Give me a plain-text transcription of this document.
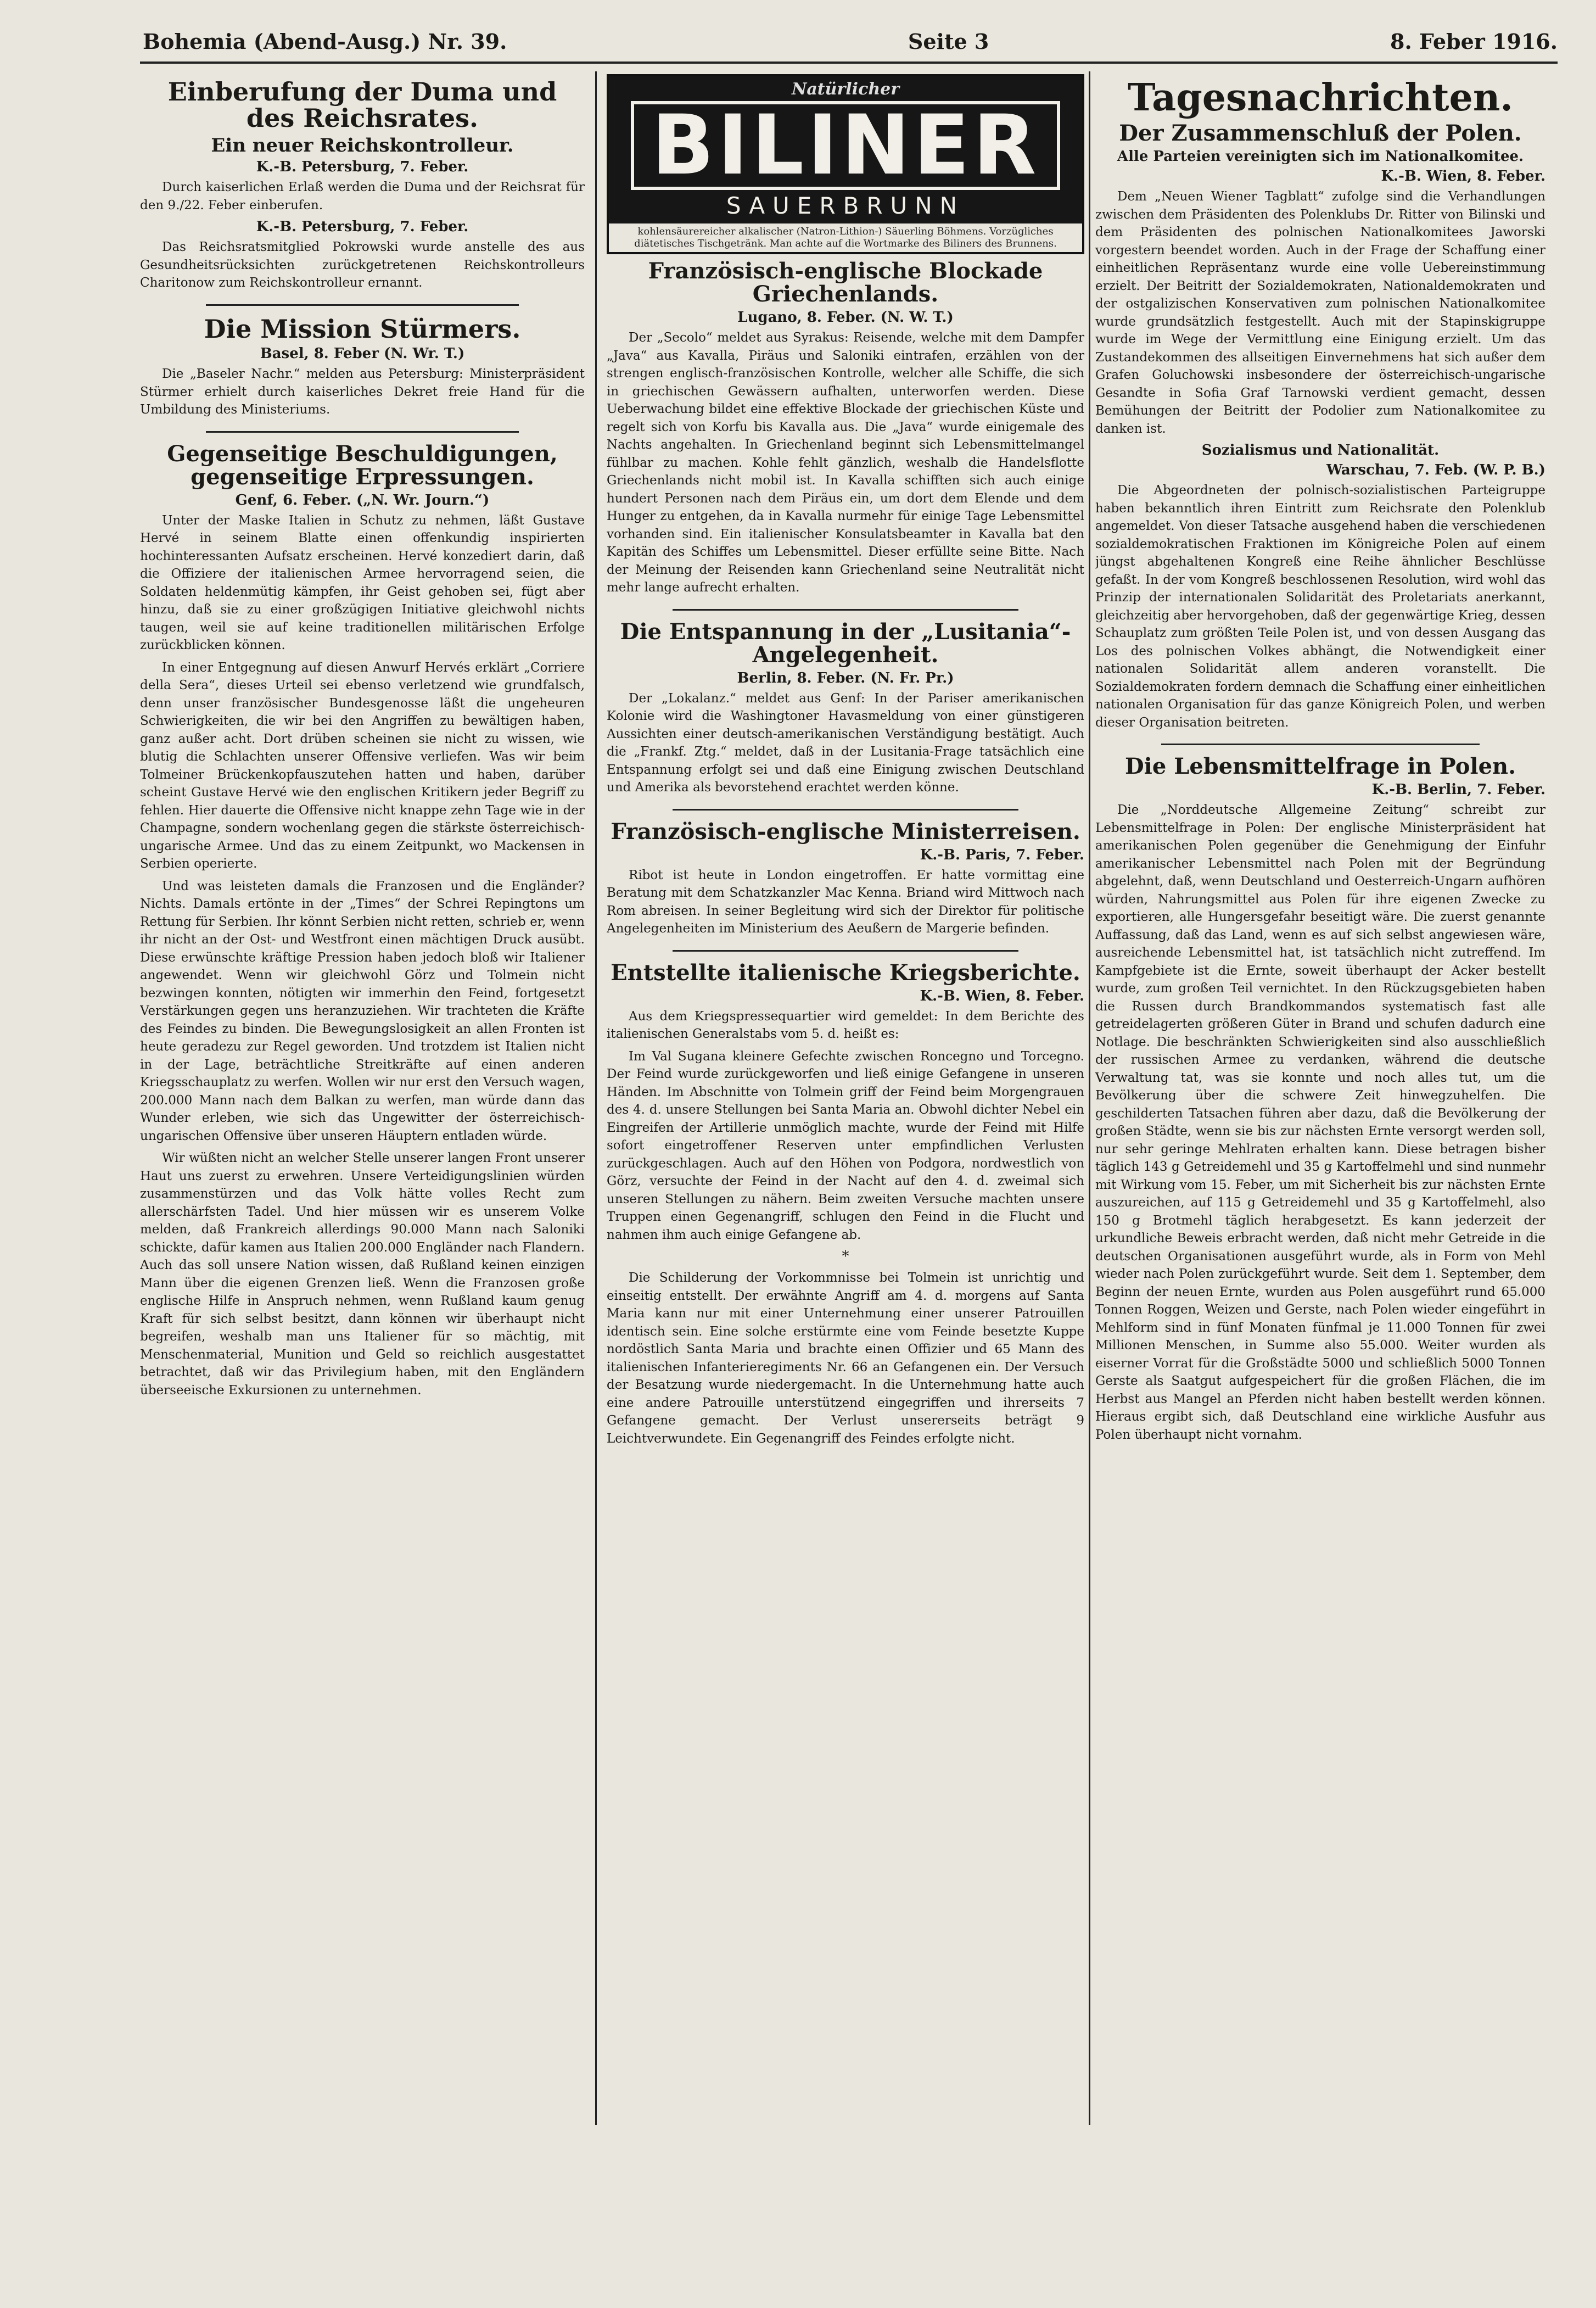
Bohemia (Abend-Ausg.) Nr. 39.	Seite 3	8. Feber 1916.
Einberufung der Duma und des Reichsrates.
Ein neuer Reichskontrolleur.
K.-B. Petersburg, 7. Feber.

Durch kaiserlichen Erlaß werden die Duma und der Reichsrat für den 9./22. Feber einberufen.

K.-B. Petersburg, 7. Feber.

Das Reichsratsmitglied Pokrowski wurde anstelle des aus Gesundheitsrücksichten zurückgetretenen Reichskontrolleurs Charitonow zum Reichskontrolleur ernannt.

Die Mission Stürmers.
Basel, 8. Feber (N. Wr. T.)

Die „Baseler Nachr.“ melden aus Petersburg: Ministerpräsident Stürmer erhielt durch kaiserliches Dekret freie Hand für die Umbildung des Ministeriums.

Gegenseitige Beschuldigungen, gegenseitige Erpressungen.
Genf, 6. Feber. („N. Wr. Journ.“)

Unter der Maske Italien in Schutz zu nehmen, läßt Gustave Hervé in seinem Blatte einen offenkundig inspirierten hochinteressanten Aufsatz erscheinen. Hervé konzediert darin, daß die Offiziere der italienischen Armee hervorragend seien, die Soldaten heldenmütig kämpfen, ihr Geist gehoben sei, fügt aber hinzu, daß sie zu einer großzügigen Initiative gleichwohl nichts taugen, weil sie auf keine traditionellen militärischen Erfolge zurückblicken können.

In einer Entgegnung auf diesen Anwurf Hervés erklärt „Corriere della Sera“, dieses Urteil sei ebenso verletzend wie grundfalsch, denn unser französischer Bundesgenosse läßt die ungeheuren Schwierigkeiten, die wir bei den Angriffen zu bewältigen haben, ganz außer acht. Dort drüben scheinen sie nicht zu wissen, wie blutig die Schlachten unserer Offensive verliefen. Was wir beim Tolmeiner Brückenkopfauszutehen hatten und haben, darüber scheint Gustave Hervé wie den englischen Kritikern jeder Begriff zu fehlen. Hier dauerte die Offensive nicht knappe zehn Tage wie in der Champagne, sondern wochenlang gegen die stärkste österreichisch-ungarische Armee. Und das zu einem Zeitpunkt, wo Mackensen in Serbien operierte.

Und was leisteten damals die Franzosen und die Engländer? Nichts. Damals ertönte in der „Times“ der Schrei Repingtons um Rettung für Serbien. Ihr könnt Serbien nicht retten, schrieb er, wenn ihr nicht an der Ost- und Westfront einen mächtigen Druck ausübt. Diese erwünschte kräftige Pression haben jedoch bloß wir Italiener angewendet. Wenn wir gleichwohl Görz und Tolmein nicht bezwingen konnten, nötigten wir immerhin den Feind, fortgesetzt Verstärkungen gegen uns heranzuziehen. Wir trachteten die Kräfte des Feindes zu binden. Die Bewegungslosigkeit an allen Fronten ist heute geradezu zur Regel geworden. Und trotzdem ist Italien nicht in der Lage, beträchtliche Streitkräfte auf einen anderen Kriegsschauplatz zu werfen. Wollen wir nur erst den Versuch wagen, 200.000 Mann nach dem Balkan zu werfen, man würde dann das Wunder erleben, wie sich das Ungewitter der österreichisch-ungarischen Offensive über unseren Häuptern entladen würde.

Wir wüßten nicht an welcher Stelle unserer langen Front unserer Haut uns zuerst zu erwehren. Unsere Verteidigungslinien würden zusammenstürzen und das Volk hätte volles Recht zum allerschärfsten Tadel. Und hier müssen wir es unserem Volke melden, daß Frankreich allerdings 90.000 Mann nach Saloniki schickte, dafür kamen aus Italien 200.000 Engländer nach Flandern. Auch das soll unsere Nation wissen, daß Rußland keinen einzigen Mann über die eigenen Grenzen ließ. Wenn die Franzosen große englische Hilfe in Anspruch nehmen, wenn Rußland kaum genug Kraft für sich selbst besitzt, dann können wir überhaupt nicht begreifen, weshalb man uns Italiener für so mächtig, mit Menschenmaterial, Munition und Geld so reichlich ausgestattet betrachtet, daß wir das Privilegium haben, mit den Engländern überseeische Exkursionen zu unternehmen.

Natürlicher
BILINER
SAUERBRUNN
kohlensäurereicher alkalischer (Natron-Lithion-) Säuerling Böhmens. Vorzügliches diätetisches Tischgetränk. Man achte auf die Wortmarke des Biliners des Brunnens.
Französisch-englische Blockade Griechenlands.
Lugano, 8. Feber. (N. W. T.)

Der „Secolo“ meldet aus Syrakus: Reisende, welche mit dem Dampfer „Java“ aus Kavalla, Piräus und Saloniki eintrafen, erzählen von der strengen englisch-französischen Kontrolle, welcher alle Schiffe, die sich in griechischen Gewässern aufhalten, unterworfen werden. Diese Ueberwachung bildet eine effektive Blockade der griechischen Küste und regelt sich von Korfu bis Kavalla aus. Die „Java“ wurde einigemale des Nachts angehalten. In Griechenland beginnt sich Lebensmittelmangel fühlbar zu machen. Kohle fehlt gänzlich, weshalb die Handelsflotte Griechenlands nicht mobil ist. In Kavalla schifften sich auch einige hundert Personen nach dem Piräus ein, um dort dem Elende und dem Hunger zu entgehen, da in Kavalla nurmehr für einige Tage Lebensmittel vorhanden sind. Ein italienischer Konsulatsbeamter in Kavalla bat den Kapitän des Schiffes um Lebensmittel. Dieser erfüllte seine Bitte. Nach der Meinung der Reisenden kann Griechenland seine Neutralität nicht mehr lange aufrecht erhalten.

Die Entspannung in der „Lusitania“-Angelegenheit.
Berlin, 8. Feber. (N. Fr. Pr.)

Der „Lokalanz.“ meldet aus Genf: In der Pariser amerikanischen Kolonie wird die Washingtoner Havasmeldung von einer günstigeren Aussichten einer deutsch-amerikanischen Verständigung bestätigt. Auch die „Frankf. Ztg.“ meldet, daß in der Lusitania-Frage tatsächlich eine Entspannung erfolgt sei und daß eine Einigung zwischen Deutschland und Amerika als bevorstehend erachtet werden könne.

Französisch-englische Ministerreisen.
K.-B. Paris, 7. Feber.

Ribot ist heute in London eingetroffen. Er hatte vormittag eine Beratung mit dem Schatzkanzler Mac Kenna. Briand wird Mittwoch nach Rom abreisen. In seiner Begleitung wird sich der Direktor für politische Angelegenheiten im Ministerium des Aeußern de Margerie befinden.

Entstellte italienische Kriegsberichte.
K.-B. Wien, 8. Feber.

Aus dem Kriegspressequartier wird gemeldet: In dem Berichte des italienischen Generalstabs vom 5. d. heißt es:

Im Val Sugana kleinere Gefechte zwischen Roncegno und Torcegno. Der Feind wurde zurückgeworfen und ließ einige Gefangene in unseren Händen. Im Abschnitte von Tolmein griff der Feind beim Morgengrauen des 4. d. unsere Stellungen bei Santa Maria an. Obwohl dichter Nebel ein Eingreifen der Artillerie unmöglich machte, wurde der Feind mit Hilfe sofort eingetroffener Reserven unter empfindlichen Verlusten zurückgeschlagen. Auch auf den Höhen von Podgora, nordwestlich von Görz, versuchte der Feind in der Nacht auf den 4. d. zweimal sich unseren Stellungen zu nähern. Beim zweiten Versuche machten unsere Truppen einen Gegenangriff, schlugen den Feind in die Flucht und nahmen ihm auch einige Gefangene ab.

*

Die Schilderung der Vorkommnisse bei Tolmein ist unrichtig und einseitig entstellt. Der erwähnte Angriff am 4. d. morgens auf Santa Maria kann nur mit einer Unternehmung einer unserer Patrouillen identisch sein. Eine solche erstürmte eine vom Feinde besetzte Kuppe nordöstlich Santa Maria und brachte einen Offizier und 65 Mann des italienischen Infanterieregiments Nr. 66 an Gefangenen ein. Der Versuch der Besatzung wurde niedergemacht. In die Unternehmung hatte auch eine andere Patrouille unterstützend eingegriffen und ihrerseits 7 Gefangene gemacht. Der Verlust unsererseits beträgt 9 Leichtverwundete. Ein Gegenangriff des Feindes erfolgte nicht.

Tagesnachrichten.
Der Zusammenschluß der Polen.
Alle Parteien vereinigten sich im Nationalkomitee.
K.-B. Wien, 8. Feber.

Dem „Neuen Wiener Tagblatt“ zufolge sind die Verhandlungen zwischen dem Präsidenten des Polenklubs Dr. Ritter von Bilinski und dem Präsidenten des polnischen Nationalkomitees Jaworski vorgestern beendet worden. Auch in der Frage der Schaffung einer einheitlichen Repräsentanz wurde eine volle Uebereinstimmung erzielt. Der Beitritt der Sozialdemokraten, Nationaldemokraten und der ostgalizischen Konservativen zum polnischen Nationalkomitee wurde grundsätzlich festgestellt. Auch mit der Stapinskigruppe wurde im Wege der Vermittlung eine Einigung erzielt. Um das Zustandekommen des allseitigen Einvernehmens hat sich außer dem Grafen Goluchowski insbesondere der österreichisch-ungarische Gesandte in Sofia Graf Tarnowski verdient gemacht, dessen Bemühungen der Beitritt der Podolier zum Nationalkomitee zu danken ist.

Sozialismus und Nationalität.
Warschau, 7. Feb. (W. P. B.)

Die Abgeordneten der polnisch-sozialistischen Parteigruppe haben bekanntlich ihren Eintritt zum Reichsrate den Polenklub angemeldet. Von dieser Tatsache ausgehend haben die verschiedenen sozialdemokratischen Fraktionen im Königreiche Polen auf einem jüngst abgehaltenen Kongreß eine Reihe ähnlicher Beschlüsse gefaßt. In der vom Kongreß beschlossenen Resolution, wird wohl das Prinzip der internationalen Solidarität des Proletariats anerkannt, gleichzeitig aber hervorgehoben, daß der gegenwärtige Krieg, dessen Schauplatz zum größten Teile Polen ist, und von dessen Ausgang das Los des polnischen Volkes abhängt, die Notwendigkeit einer nationalen Solidarität allem anderen voranstellt. Die Sozialdemokraten fordern demnach die Schaffung einer einheitlichen nationalen Organisation für das ganze Königreich Polen, und werben dieser Organisation beitreten.

Die Lebensmittelfrage in Polen.
K.-B. Berlin, 7. Feber.

Die „Norddeutsche Allgemeine Zeitung“ schreibt zur Lebensmittelfrage in Polen: Der englische Ministerpräsident hat amerikanischen Polen gegenüber die Genehmigung der Einfuhr amerikanischer Lebensmittel nach Polen mit der Begründung abgelehnt, daß, wenn Deutschland und Oesterreich-Ungarn aufhören würden, Nahrungsmittel aus Polen für ihre eigenen Zwecke zu exportieren, alle Hungersgefahr beseitigt wäre. Die zuerst genannte Auffassung, daß das Land, wenn es auf sich selbst angewiesen wäre, ausreichende Lebensmittel hat, ist tatsächlich nicht zutreffend. Im Kampfgebiete ist die Ernte, soweit überhaupt der Acker bestellt wurde, zum großen Teil vernichtet. In den Rückzugsgebieten haben die Russen durch Brandkommandos systematisch fast alle getreidelagerten größeren Güter in Brand und schufen dadurch eine Notlage. Die beschränkten Schwierigkeiten sind also ausschließlich der russischen Armee zu verdanken, während die deutsche Verwaltung tat, was sie konnte und noch alles tut, um die Bevölkerung über die schwere Zeit hinwegzuhelfen. Die geschilderten Tatsachen führen aber dazu, daß die Bevölkerung der großen Städte, wenn sie bis zur nächsten Ernte versorgt werden soll, nur sehr geringe Mehlraten erhalten kann. Diese betragen bisher täglich 143 g Getreidemehl und 35 g Kartoffelmehl und sind nunmehr mit Wirkung vom 15. Feber, um mit Sicherheit bis zur nächsten Ernte auszureichen, auf 115 g Getreidemehl und 35 g Kartoffelmehl, also 150 g Brotmehl täglich herabgesetzt. Es kann jederzeit der urkundliche Beweis erbracht werden, daß nicht mehr Getreide in die deutschen Organisationen ausgeführt wurde, als in Form von Mehl wieder nach Polen zurückgeführt wurde. Seit dem 1. September, dem Beginn der neuen Ernte, wurden aus Polen ausgeführt rund 65.000 Tonnen Roggen, Weizen und Gerste, nach Polen wieder eingeführt in Mehlform sind in fünf Monaten fünfmal je 11.000 Tonnen für zwei Millionen Menschen, in Summe also 55.000. Weiter wurden als eiserner Vorrat für die Großstädte 5000 und schließlich 5000 Tonnen Gerste als Saatgut aufgespeichert für die großen Flächen, die im Herbst aus Mangel an Pferden nicht haben bestellt werden können. Hieraus ergibt sich, daß Deutschland eine wirkliche Ausfuhr aus Polen überhaupt nicht vornahm.
